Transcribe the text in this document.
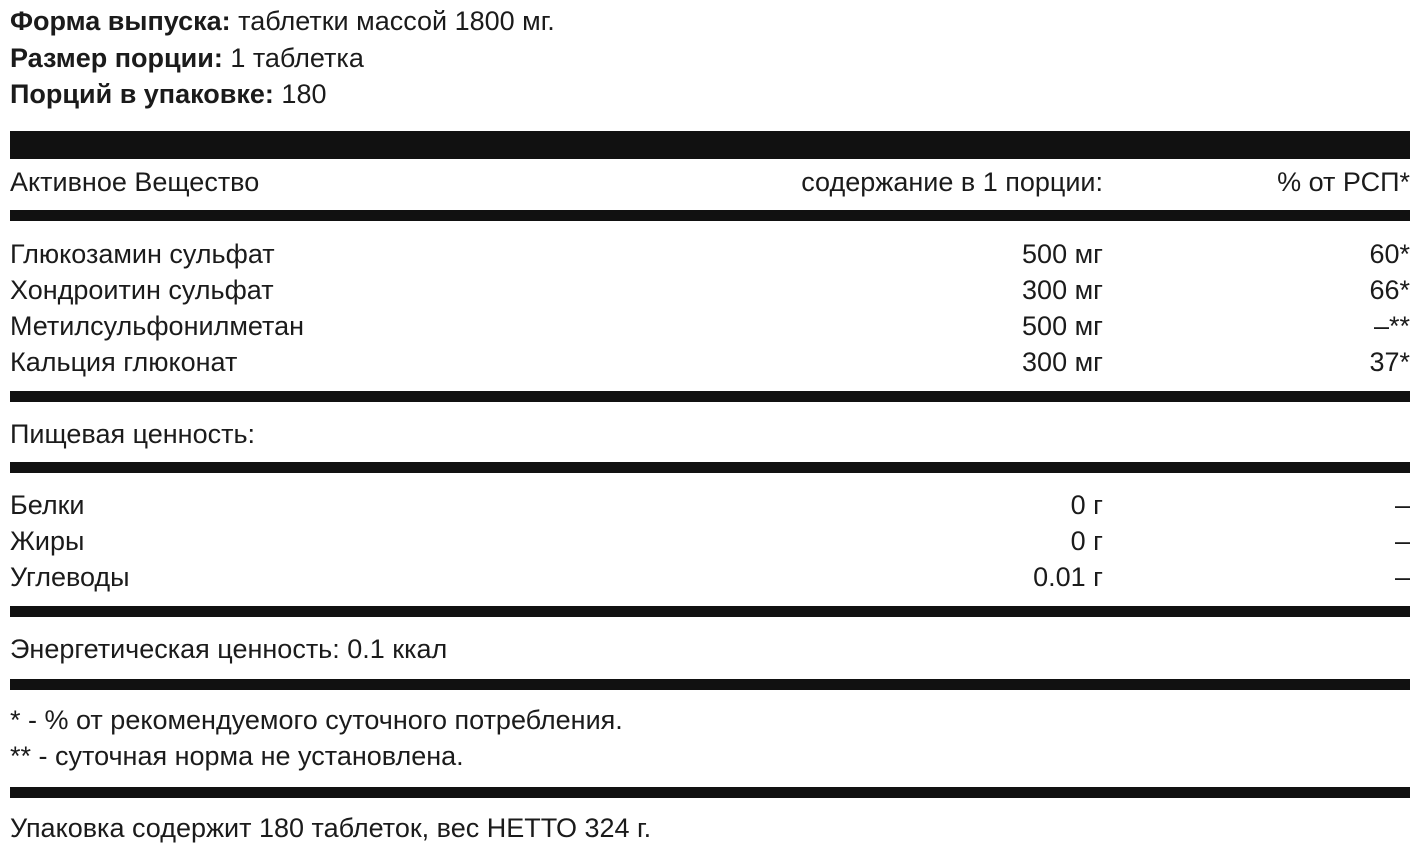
Форма выпуска: таблетки массой 1800 мг.
Размер порции: 1 таблетка
Порций в упаковке: 180
Активное Вещество	содержание в 1 порции:	% от РСП*
Глюкозамин сульфат	500 мг	60*
Хондроитин сульфат	300 мг	66*
Метилсульфонилметан	500 мг	–**
Кальция глюконат	300 мг	37*
Пищевая ценность:
Белки	0 г	–
Жиры	0 г	–
Углеводы	0.01 г	–
Энергетическая ценность: 0.1 ккал
* - % от рекомендуемого суточного потребления.
** - суточная норма не установлена.
Упаковка содержит 180 таблеток, вес НЕТТО 324 г.
